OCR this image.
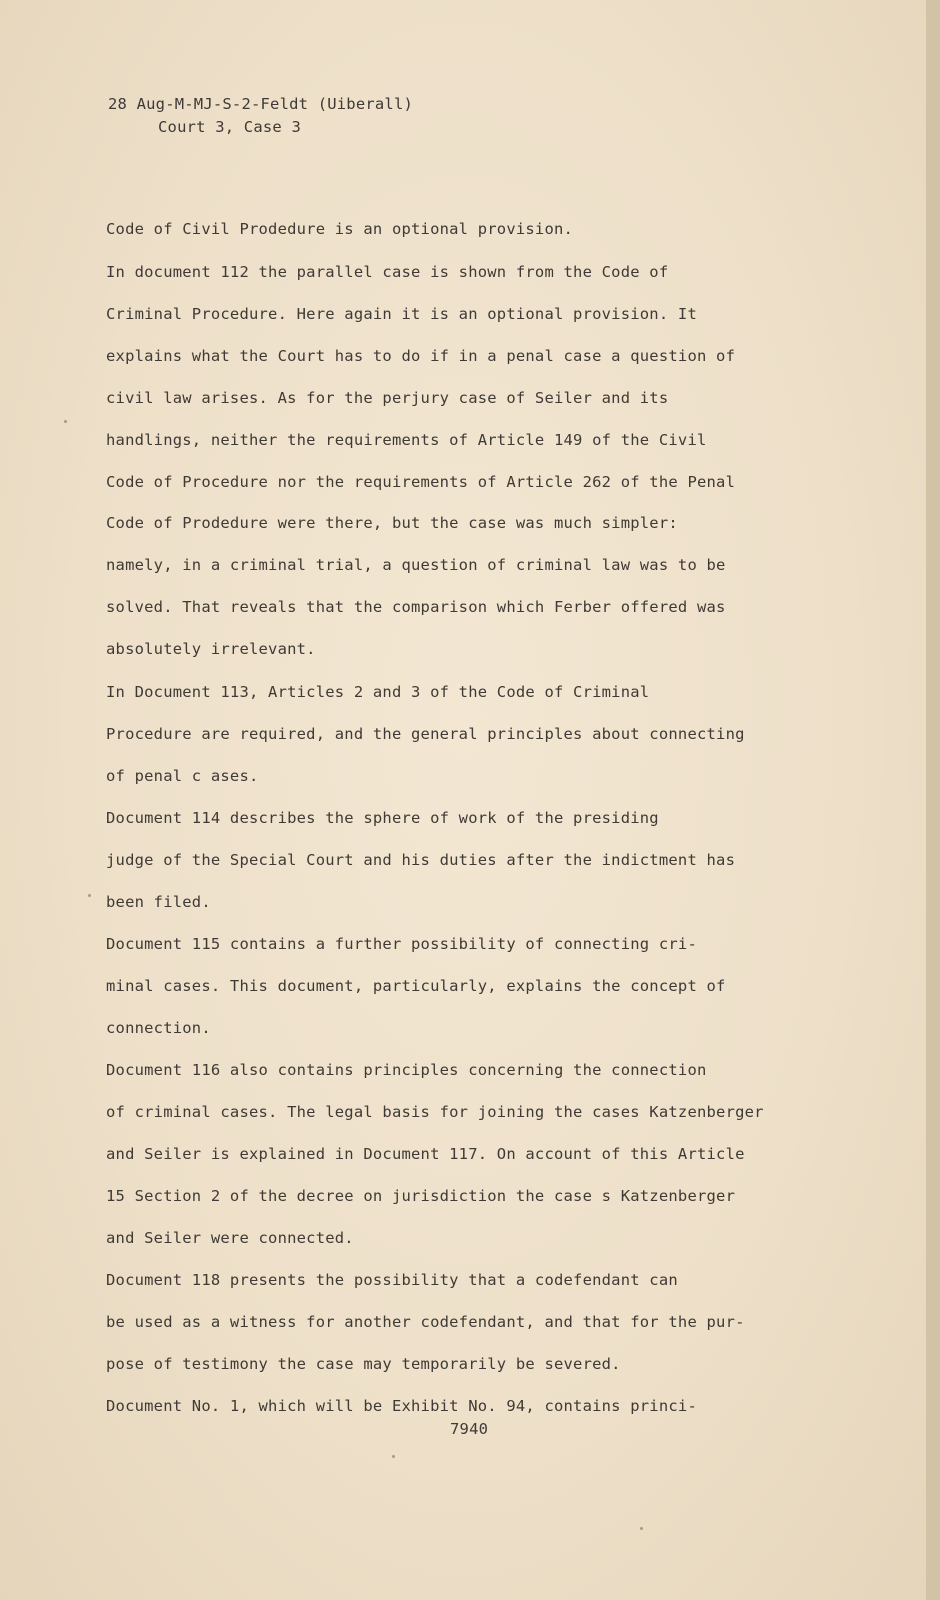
28 Aug-M-MJ-S-2-Feldt (Uiberall)

Court 3, Case 3

Code of Civil Prodedure is an optional provision.

In document 112 the parallel case is shown from the Code of

Criminal Procedure. Here again it is an optional provision. It

explains what the Court has to do if in a penal case a question of

civil law arises. As for the perjury case of Seiler and its

handlings, neither the requirements of Article 149 of the Civil

Code of Procedure nor the requirements of Article 262 of the Penal

Code of Prodedure were there, but the case was much simpler:

namely, in a criminal trial, a question of criminal law was to be

solved. That reveals that the comparison which Ferber offered was

absolutely irrelevant.

In Document 113, Articles 2 and 3 of the Code of Criminal

Procedure are required, and the general principles about connecting

of penal c ases.

Document 114 describes the sphere of work of the presiding

judge of the Special Court and his duties after the indictment has

been filed.

Document 115 contains a further possibility of connecting cri-

minal cases. This document, particularly, explains the concept of

connection.

Document 116 also contains principles concerning the connection

of criminal cases. The legal basis for joining the cases Katzenberger

and Seiler is explained in Document 117. On account of this Article

15 Section 2 of the decree on jurisdiction the case s Katzenberger

and Seiler were connected.

Document 118 presents the possibility that a codefendant can

be used as a witness for another codefendant, and that for the pur-

pose of testimony the case may temporarily be severed.

Document No. 1, which will be Exhibit No. 94, contains princi-

7940
